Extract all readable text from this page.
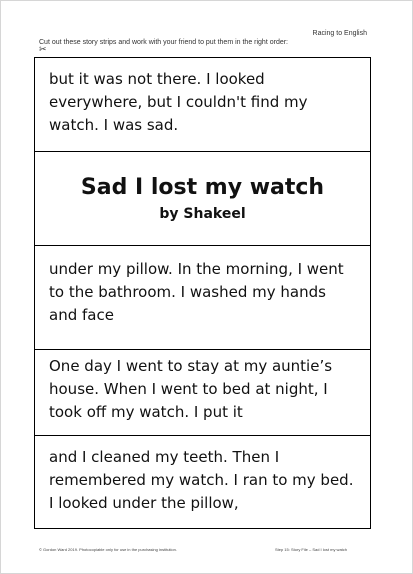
Racing to English
Cut out these story strips and work with your friend to put them in the right order:
✂
but it was not there. I looked everywhere, but I couldn't find my watch. I was sad.
Sad I lost my watch
by Shakeel
under my pillow. In the morning, I went to the bathroom. I washed my hands and face
One day I went to stay at my auntie’s house. When I went to bed at night, I took off my watch. I put it
and I cleaned my teeth. Then I remembered my watch. I ran to my bed. I looked under the pillow,
© Gordon Ward 2019. Photocopiable only for use in the purchasing institution.	Step 15: Story File – Sad I lost my watch
